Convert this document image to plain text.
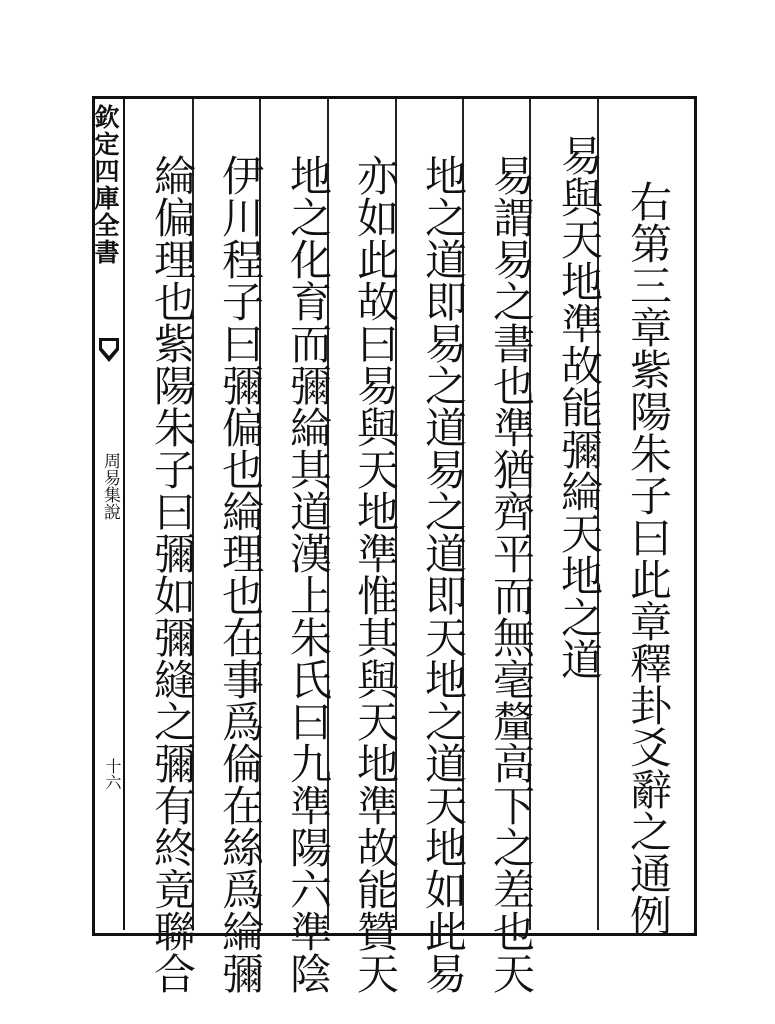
欽定四庫全書
周易集說
十六	右第三章紫陽朱子曰此章釋卦爻辭之通例
易與天地準故能彌綸天地之道
易謂易之書也準猶齊平而無毫釐高下之差也天
地之道即易之道易之道即天地之道天地如此易
亦如此故曰易與天地準惟其與天地準故能贊天
地之化育而彌綸其道漢上朱氏曰九準陽六準陰
伊川程子曰彌偏也綸理也在事爲倫在絲爲綸彌
綸偏理也紫陽朱子曰彌如彌縫之彌有終竟聯合
